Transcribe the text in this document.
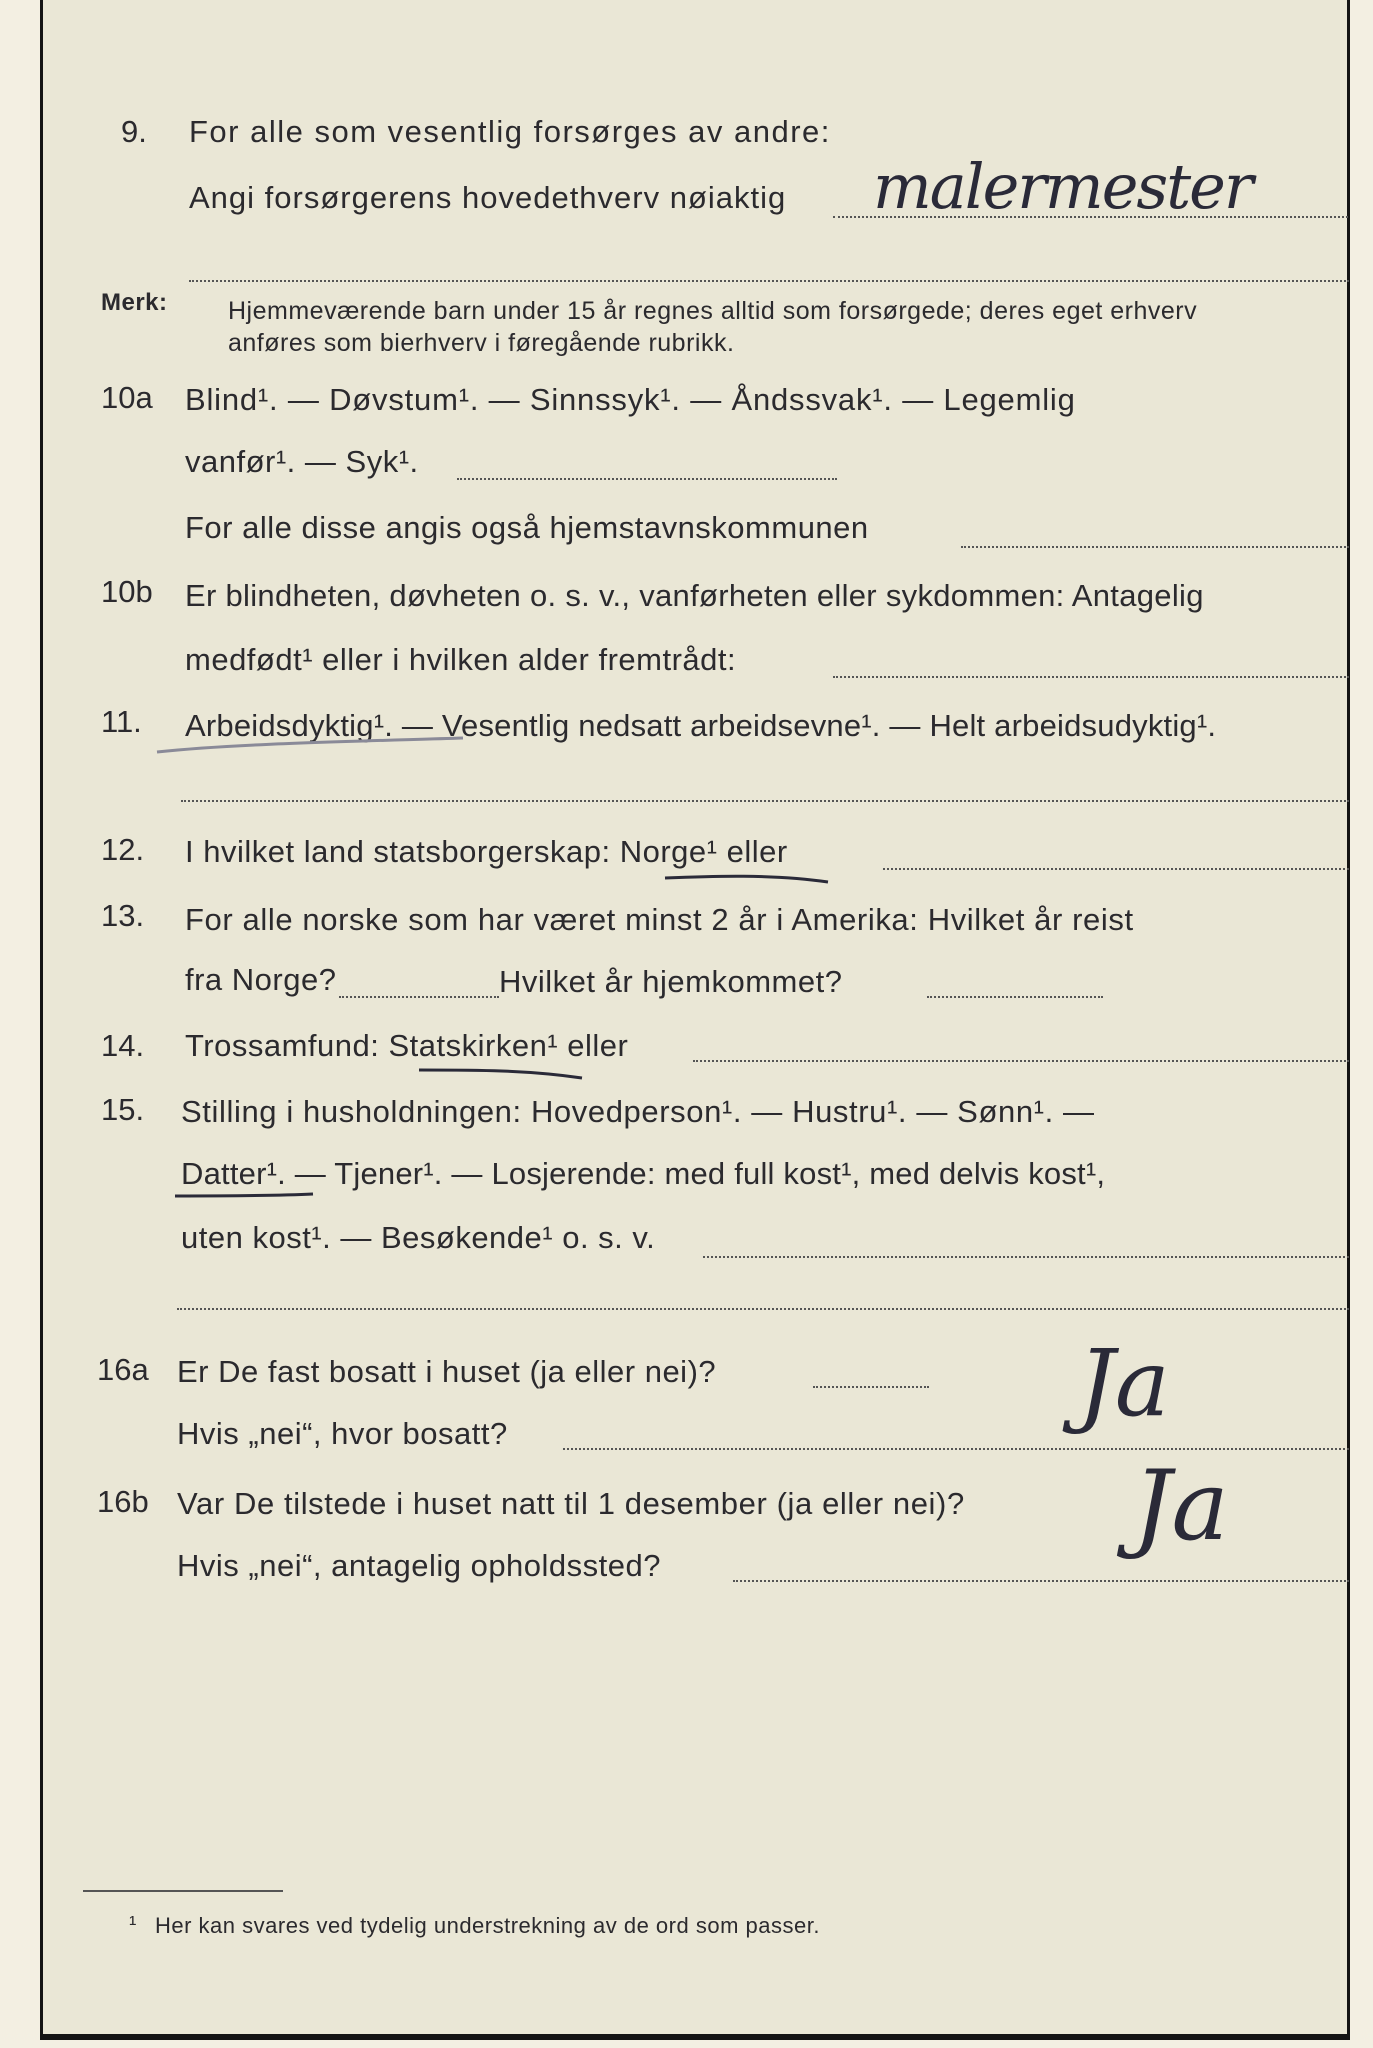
9. For alle som vesentlig forsørges av andre:
Angi forsørgerens hovedethverv nøiaktig malermester
Merk: Hjemmeværende barn under 15 år regnes alltid som forsørgede; deres eget erhverv
anføres som bierhverv i føregående rubrikk.
10a Blind¹. — Døvstum¹. — Sinnssyk¹. — Åndssvak¹. — Legemlig
vanfør¹. — Syk¹.
For alle disse angis også hjemstavnskommunen
10b Er blindheten, døvheten o. s. v., vanførheten eller sykdommen: Antagelig
medfødt¹ eller i hvilken alder fremtrådt:
11. Arbeidsdyktig¹. — Vesentlig nedsatt arbeidsevne¹. — Helt arbeidsudyktig¹.
12. I hvilket land statsborgerskap: Norge¹ eller
13. For alle norske som har været minst 2 år i Amerika: Hvilket år reist
fra Norge?	Hvilket år hjemkommet?
14. Trossamfund: Statskirken¹ eller
15. Stilling i husholdningen: Hovedperson¹. — Hustru¹. — Sønn¹. —
Datter¹. — Tjener¹. — Losjerende: med full kost¹, med delvis kost¹,
uten kost¹. — Besøkende¹ o. s. v.
16a Er De fast bosatt i huset (ja eller nei)?
Hvis „nei“, hvor bosatt?	Ja
16b Var De tilstede i huset natt til 1 desember (ja eller nei)?
Hvis „nei“, antagelig opholdssted?
Ja
¹ Her kan svares ved tydelig understrekning av de ord som passer.
